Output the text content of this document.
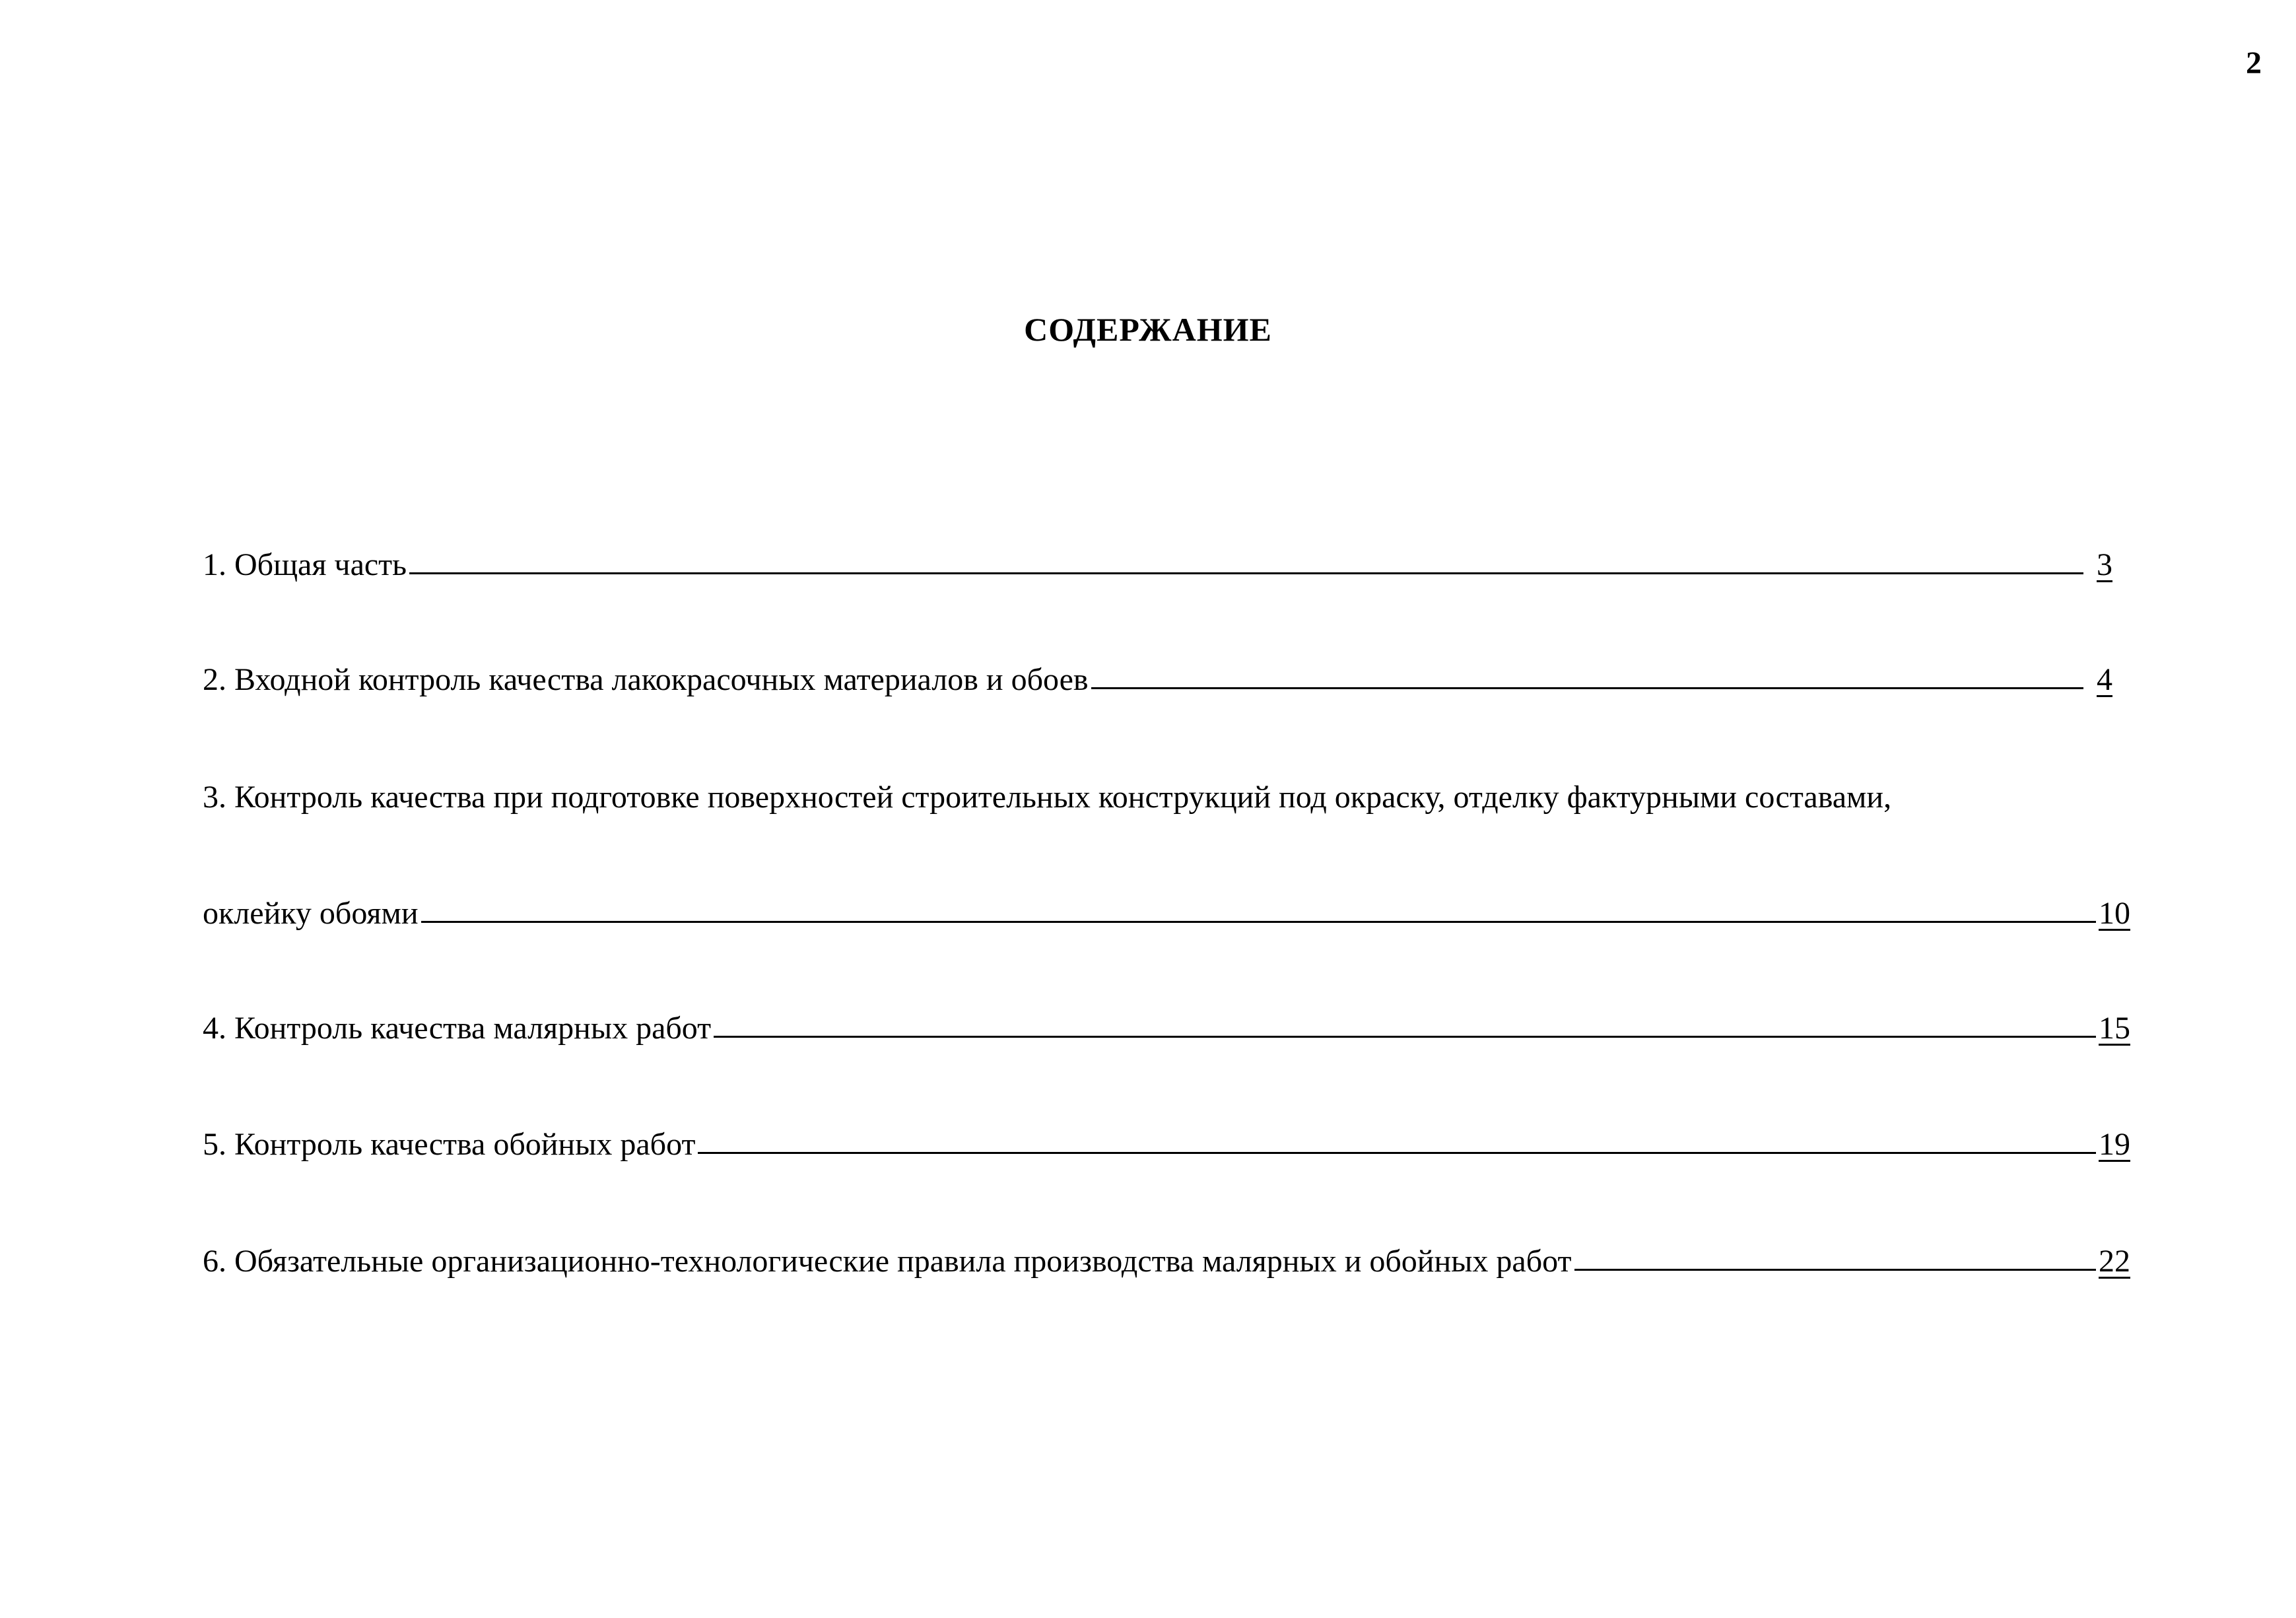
2
СОДЕРЖАНИЕ
1. Общая часть	3
2. Входной контроль качества лакокрасочных материалов и обоев	4
3. Контроль качества при подготовке поверхностей строительных конструкций под окраску, отделку фактурными составами,
оклейку обоями	10
4. Контроль качества малярных работ	15
5. Контроль качества обойных работ	19
6. Обязательные организационно-технологические правила производства малярных и обойных работ	22
